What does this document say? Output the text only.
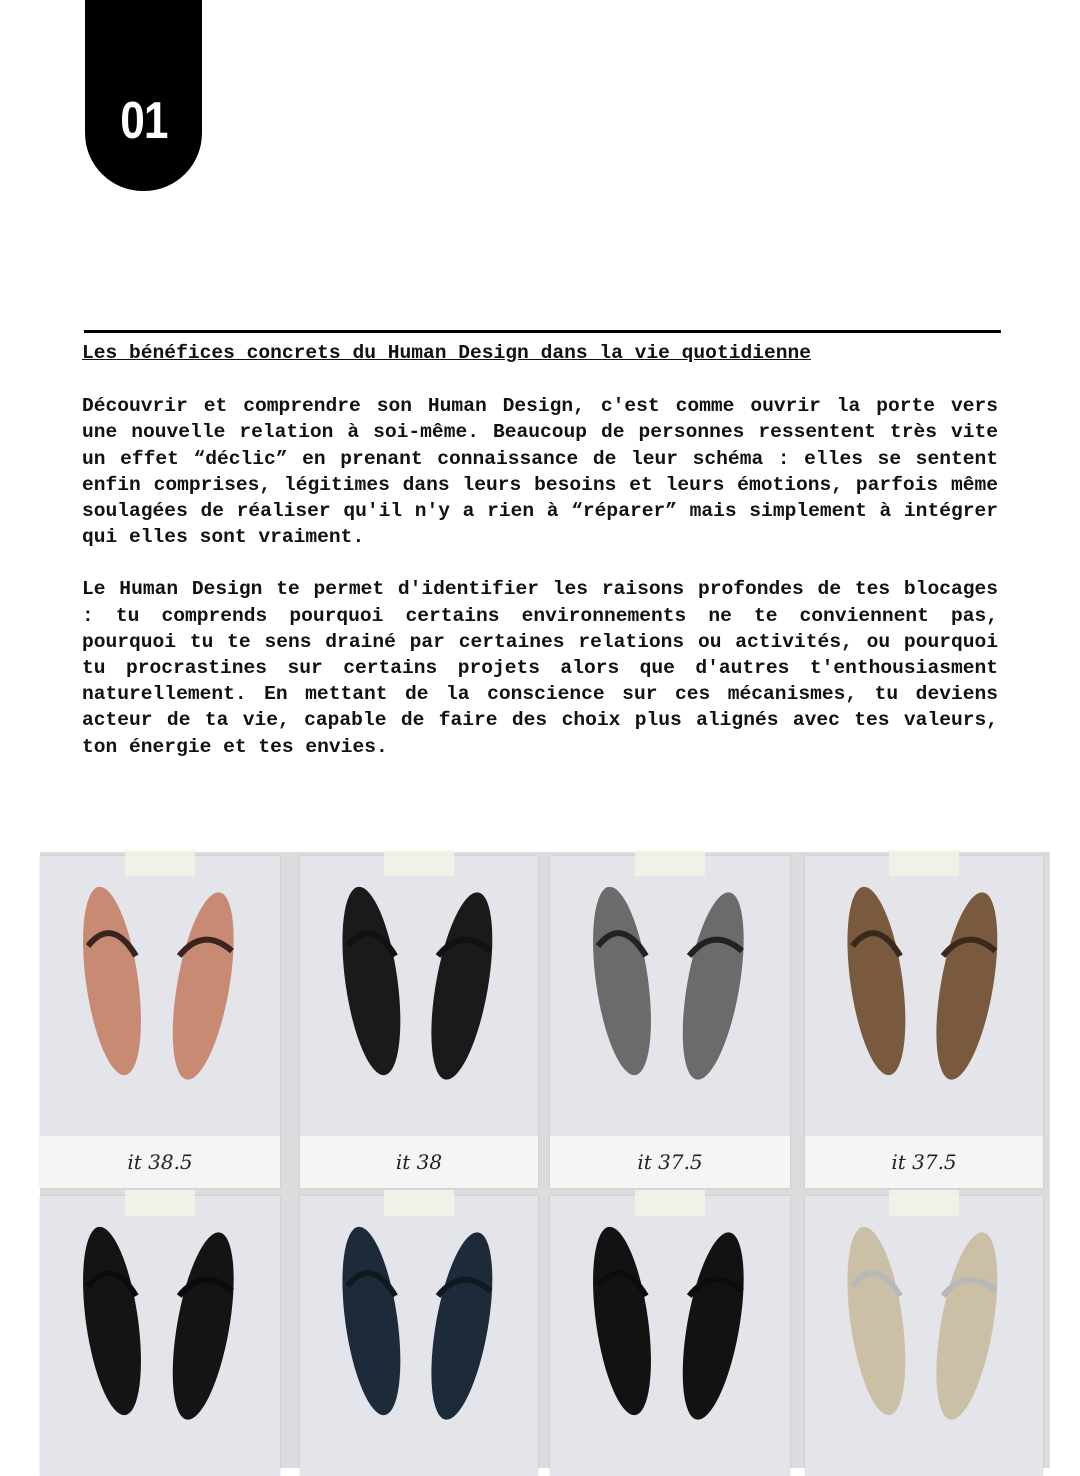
01
Les bénéfices concrets du Human Design dans la vie quotidienne

Découvrir et comprendre son Human Design, c'est comme ouvrir la porte vers une nouvelle relation à soi-même. Beaucoup de personnes ressentent très vite un effet “déclic” en prenant connaissance de leur schéma : elles se sentent enfin comprises, légitimes dans leurs besoins et leurs émotions, parfois même soulagées de réaliser qu'il n'y a rien à “réparer” mais simplement à intégrer qui elles sont vraiment.

Le Human Design te permet d'identifier les raisons profondes de tes blocages : tu comprends pourquoi certains environnements ne te conviennent pas, pourquoi tu te sens drainé par certaines relations ou activités, ou pourquoi tu procrastines sur certains projets alors que d'autres t'enthousiasment naturellement. En mettant de la conscience sur ces mécanismes, tu deviens acteur de ta vie, capable de faire des choix plus alignés avec tes valeurs, ton énergie et tes envies.

it 38.5	it 38	it 37.5	it 37.5
